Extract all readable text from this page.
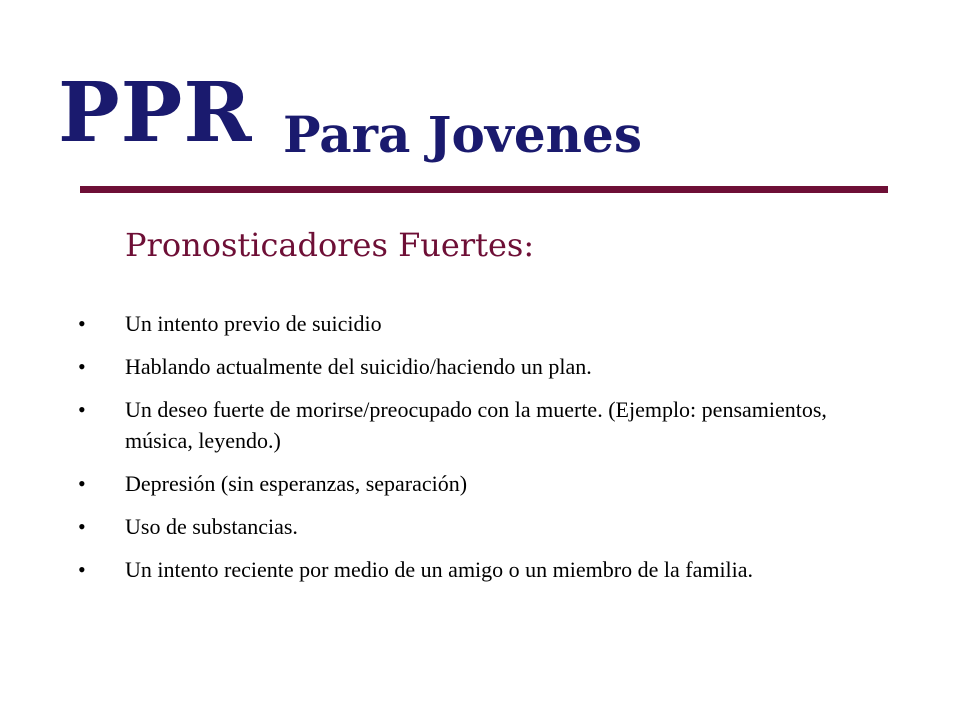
PPR Para Jovenes
Pronosticadores Fuertes:
• Un intento previo de suicidio
• Hablando actualmente del suicidio/haciendo un plan.
• Un deseo fuerte de morirse/preocupado con la muerte. (Ejemplo: pensamientos, música, leyendo.)
• Depresión (sin esperanzas, separación)
• Uso de substancias.
• Un intento reciente por medio de un amigo o un miembro de la familia.
